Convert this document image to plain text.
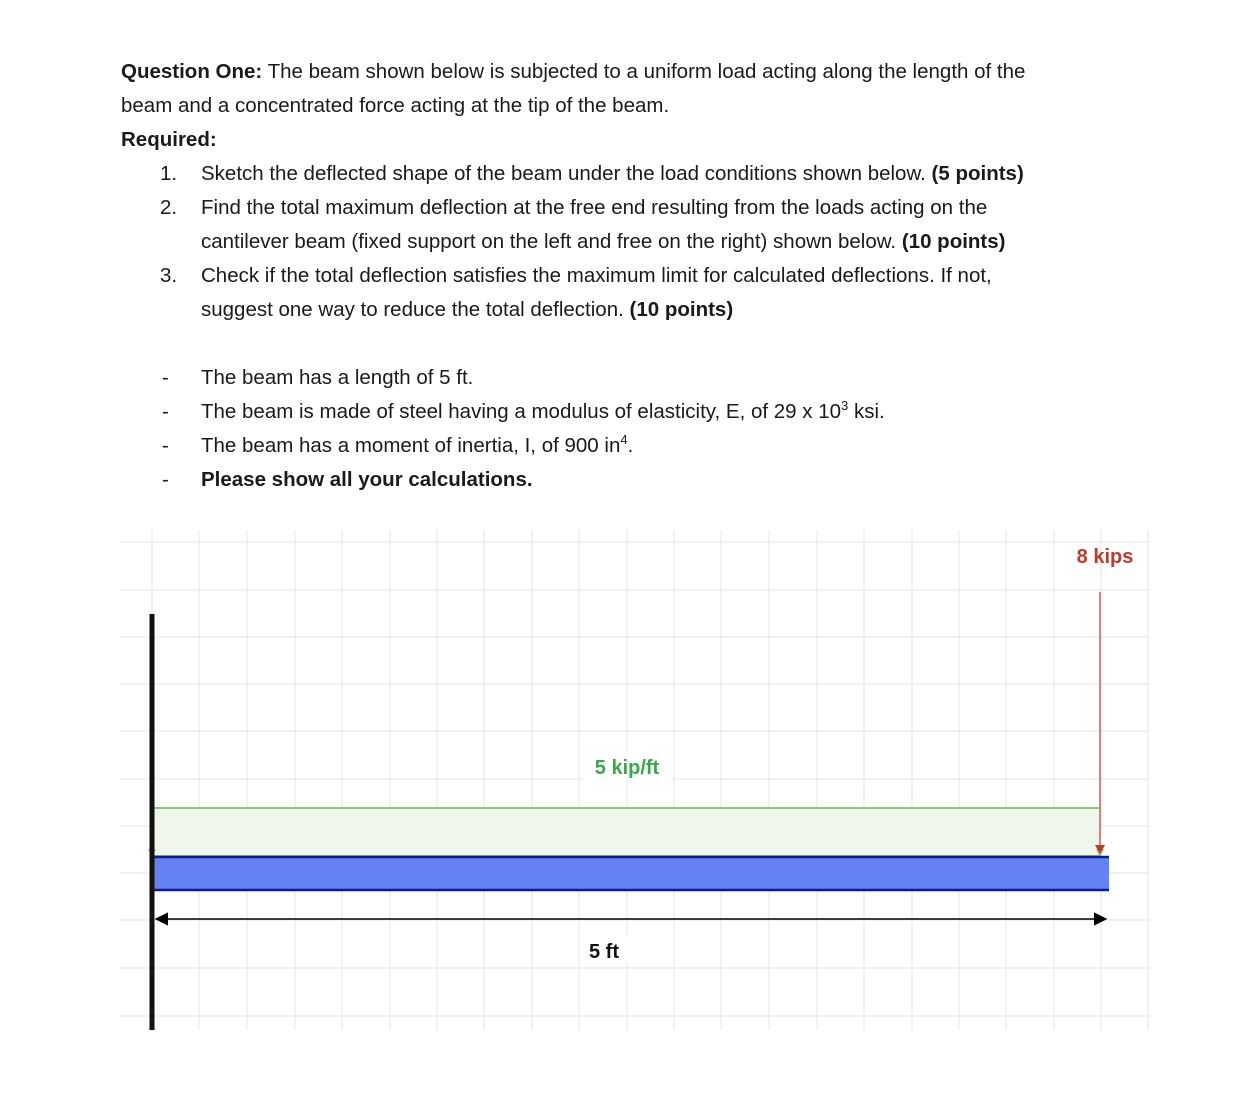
Question One: The beam shown below is subjected to a uniform load acting along the length of the
beam and a concentrated force acting at the tip of the beam.
Required:
1. Sketch the deflected shape of the beam under the load conditions shown below. (5 points)
2. Find the total maximum deflection at the free end resulting from the loads acting on the
cantilever beam (fixed support on the left and free on the right) shown below. (10 points)
3. Check if the total deflection satisfies the maximum limit for calculated deflections. If not,
suggest one way to reduce the total deflection. (10 points)
- The beam has a length of 5 ft.
- The beam is made of steel having a modulus of elasticity, E, of 29 x $10^3$ ksi.
- The beam has a moment of inertia, I, of 900 $in^4$.
- Please show all your calculations.
8 kips
5 kip/ft
5 ft
